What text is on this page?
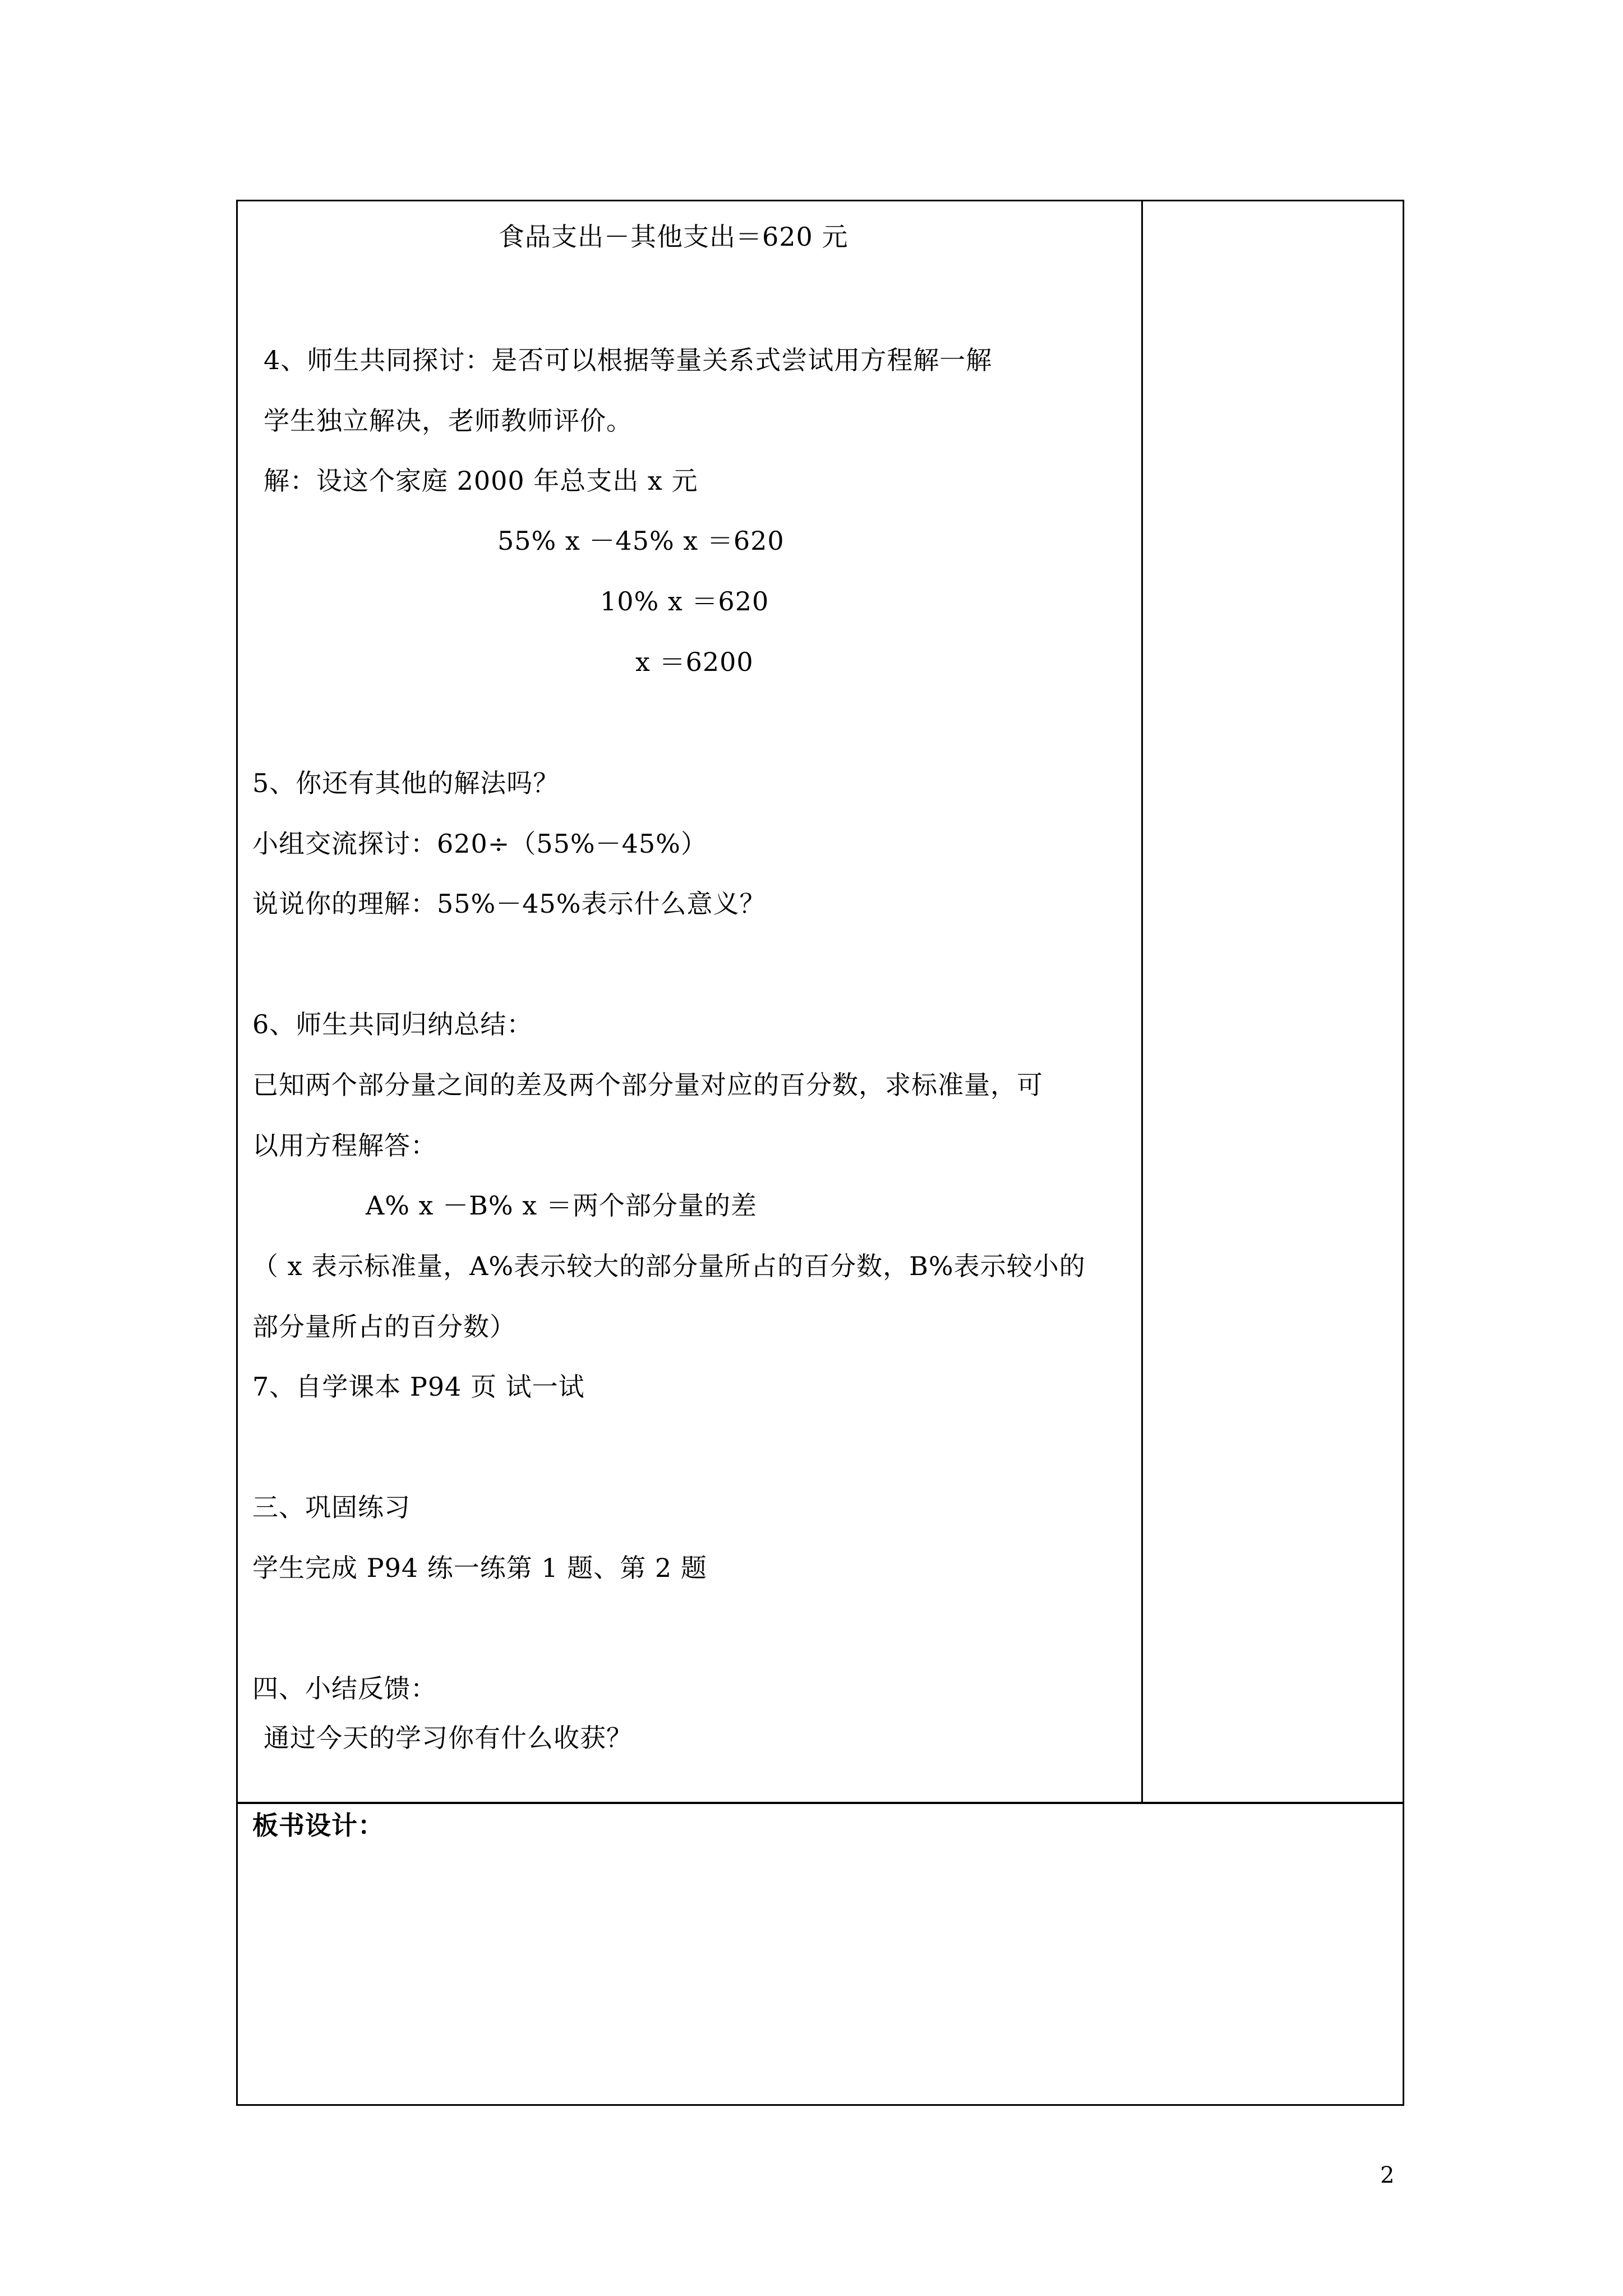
食品支出－其他支出＝620 元
4、师生共同探讨：是否可以根据等量关系式尝试用方程解一解
学生独立解决，老师教师评价。
解：设这个家庭 2000 年总支出 x 元
55% x －45% x ＝620
10% x ＝620
x ＝6200
5、你还有其他的解法吗？
小组交流探讨：620÷（55%－45%）
说说你的理解：55%－45%表示什么意义？
6、师生共同归纳总结：
已知两个部分量之间的差及两个部分量对应的百分数，求标准量，可
以用方程解答：
A% x －B% x ＝两个部分量的差
（ x 表示标准量，A%表示较大的部分量所占的百分数，B%表示较小的
部分量所占的百分数）
7、自学课本 P94 页 试一试
三、巩固练习
学生完成 P94 练一练第 1 题、第 2 题
四、小结反馈：
通过今天的学习你有什么收获？
板书设计：
2
